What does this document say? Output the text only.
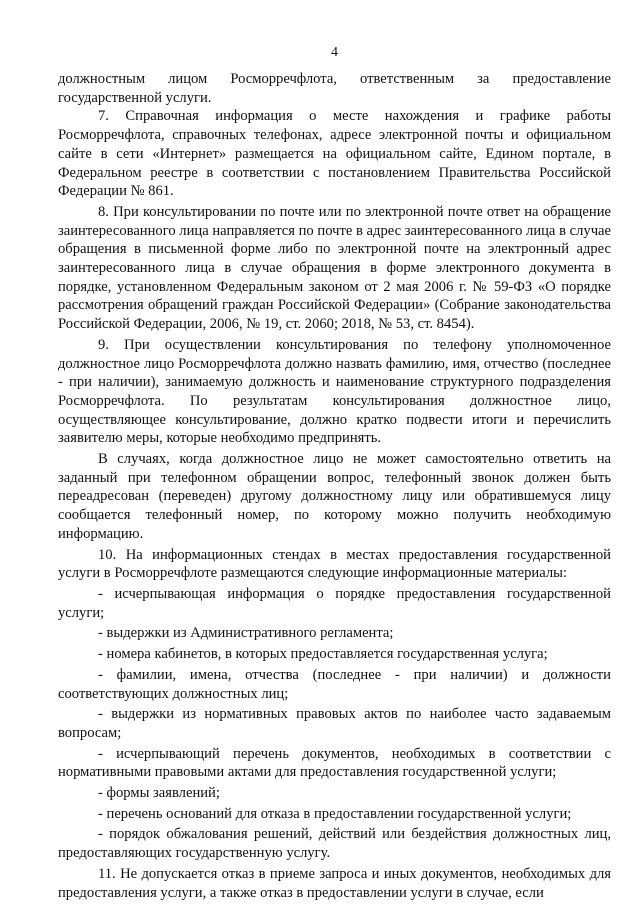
4

должностным лицом Росморречфлота, ответственным за предоставление государственной услуги.

7. Справочная информация о месте нахождения и графике работы Росморречфлота, справочных телефонах, адресе электронной почты и официальном сайте в сети «Интернет» размещается на официальном сайте, Едином портале, в Федеральном реестре в соответствии с постановлением Правительства Российской Федерации № 861.

8. При консультировании по почте или по электронной почте ответ на обращение заинтересованного лица направляется по почте в адрес заинтересованного лица в случае обращения в письменной форме либо по электронной почте на электронный адрес заинтересованного лица в случае обращения в форме электронного документа в порядке, установленном Федеральным законом от 2 мая 2006 г. № 59-ФЗ «О порядке рассмотрения обращений граждан Российской Федерации» (Собрание законодательства Российской Федерации, 2006, № 19, ст. 2060; 2018, № 53, ст. 8454).

9. При осуществлении консультирования по телефону уполномоченное должностное лицо Росморречфлота должно назвать фамилию, имя, отчество (последнее - при наличии), занимаемую должность и наименование структурного подразделения Росморречфлота. По результатам консультирования должностное лицо, осуществляющее консультирование, должно кратко подвести итоги и перечислить заявителю меры, которые необходимо предпринять.

В случаях, когда должностное лицо не может самостоятельно ответить на заданный при телефонном обращении вопрос, телефонный звонок должен быть переадресован (переведен) другому должностному лицу или обратившемуся лицу сообщается телефонный номер, по которому можно получить необходимую информацию.

10. На информационных стендах в местах предоставления государственной услуги в Росморречфлоте размещаются следующие информационные материалы:

- исчерпывающая информация о порядке предоставления государственной услуги;

- выдержки из Административного регламента;

- номера кабинетов, в которых предоставляется государственная услуга;

- фамилии, имена, отчества (последнее - при наличии) и должности соответствующих должностных лиц;

- выдержки из нормативных правовых актов по наиболее часто задаваемым вопросам;

- исчерпывающий перечень документов, необходимых в соответствии с нормативными правовыми актами для предоставления государственной услуги;

- формы заявлений;

- перечень оснований для отказа в предоставлении государственной услуги;

- порядок обжалования решений, действий или бездействия должностных лиц, предоставляющих государственную услугу.

11. Не допускается отказ в приеме запроса и иных документов, необходимых для предоставления услуги, а также отказ в предоставлении услуги в случае, если
